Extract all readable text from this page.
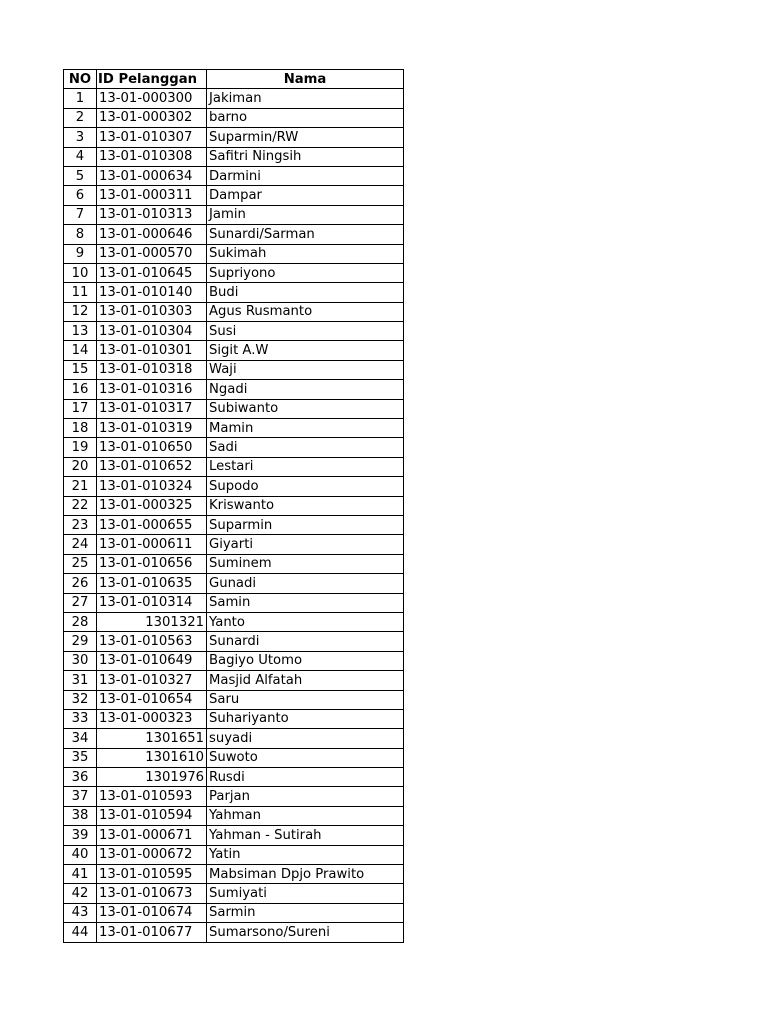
NO	ID Pelanggan	Nama
1	13-01-000300	Jakiman
2	13-01-000302	barno
3	13-01-010307	Suparmin/RW
4	13-01-010308	Safitri Ningsih
5	13-01-000634	Darmini
6	13-01-000311	Dampar
7	13-01-010313	Jamin
8	13-01-000646	Sunardi/Sarman
9	13-01-000570	Sukimah
10	13-01-010645	Supriyono
11	13-01-010140	Budi
12	13-01-010303	Agus Rusmanto
13	13-01-010304	Susi
14	13-01-010301	Sigit A.W
15	13-01-010318	Waji
16	13-01-010316	Ngadi
17	13-01-010317	Subiwanto
18	13-01-010319	Mamin
19	13-01-010650	Sadi
20	13-01-010652	Lestari
21	13-01-010324	Supodo
22	13-01-000325	Kriswanto
23	13-01-000655	Suparmin
24	13-01-000611	Giyarti
25	13-01-010656	Suminem
26	13-01-010635	Gunadi
27	13-01-010314	Samin
28	1301321	Yanto
29	13-01-010563	Sunardi
30	13-01-010649	Bagiyo Utomo
31	13-01-010327	Masjid Alfatah
32	13-01-010654	Saru
33	13-01-000323	Suhariyanto
34	1301651	suyadi
35	1301610	Suwoto
36	1301976	Rusdi
37	13-01-010593	Parjan
38	13-01-010594	Yahman
39	13-01-000671	Yahman - Sutirah
40	13-01-000672	Yatin
41	13-01-010595	Mabsiman Dpjo Prawito
42	13-01-010673	Sumiyati
43	13-01-010674	Sarmin
44	13-01-010677	Sumarsono/Sureni
